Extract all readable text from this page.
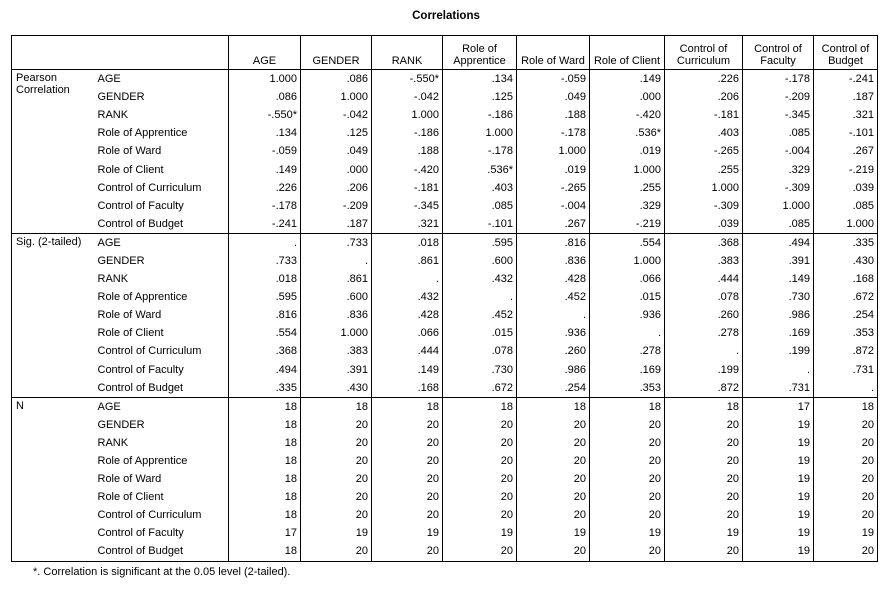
Correlations
		AGE	GENDER	RANK	Role of Apprentice	Role of Ward	Role of Client	Control of Curriculum	Control of Faculty	Control of Budget
Pearson Correlation	AGE	1.000	.086	-.550*	.134	-.059	.149	.226	-.178	-.241
	GENDER	.086	1.000	-.042	.125	.049	.000	.206	-.209	.187
	RANK	-.550*	-.042	1.000	-.186	.188	-.420	-.181	-.345	.321
	Role of Apprentice	.134	.125	-.186	1.000	-.178	.536*	.403	.085	-.101
	Role of Ward	-.059	.049	.188	-.178	1.000	.019	-.265	-.004	.267
	Role of Client	.149	.000	-.420	.536*	.019	1.000	.255	.329	-.219
	Control of Curriculum	.226	.206	-.181	.403	-.265	.255	1.000	-.309	.039
	Control of Faculty	-.178	-.209	-.345	.085	-.004	.329	-.309	1.000	.085
	Control of Budget	-.241	.187	.321	-.101	.267	-.219	.039	.085	1.000
Sig. (2-tailed)	AGE	.	.733	.018	.595	.816	.554	.368	.494	.335
	GENDER	.733	.	.861	.600	.836	1.000	.383	.391	.430
	RANK	.018	.861	.	.432	.428	.066	.444	.149	.168
	Role of Apprentice	.595	.600	.432	.	.452	.015	.078	.730	.672
	Role of Ward	.816	.836	.428	.452	.	.936	.260	.986	.254
	Role of Client	.554	1.000	.066	.015	.936	.	.278	.169	.353
	Control of Curriculum	.368	.383	.444	.078	.260	.278	.	.199	.872
	Control of Faculty	.494	.391	.149	.730	.986	.169	.199	.	.731
	Control of Budget	.335	.430	.168	.672	.254	.353	.872	.731	.
N	AGE	18	18	18	18	18	18	18	17	18
	GENDER	18	20	20	20	20	20	20	19	20
	RANK	18	20	20	20	20	20	20	19	20
	Role of Apprentice	18	20	20	20	20	20	20	19	20
	Role of Ward	18	20	20	20	20	20	20	19	20
	Role of Client	18	20	20	20	20	20	20	19	20
	Control of Curriculum	18	20	20	20	20	20	20	19	20
	Control of Faculty	17	19	19	19	19	19	19	19	19
	Control of Budget	18	20	20	20	20	20	20	19	20
*. Correlation is significant at the 0.05 level (2-tailed).
